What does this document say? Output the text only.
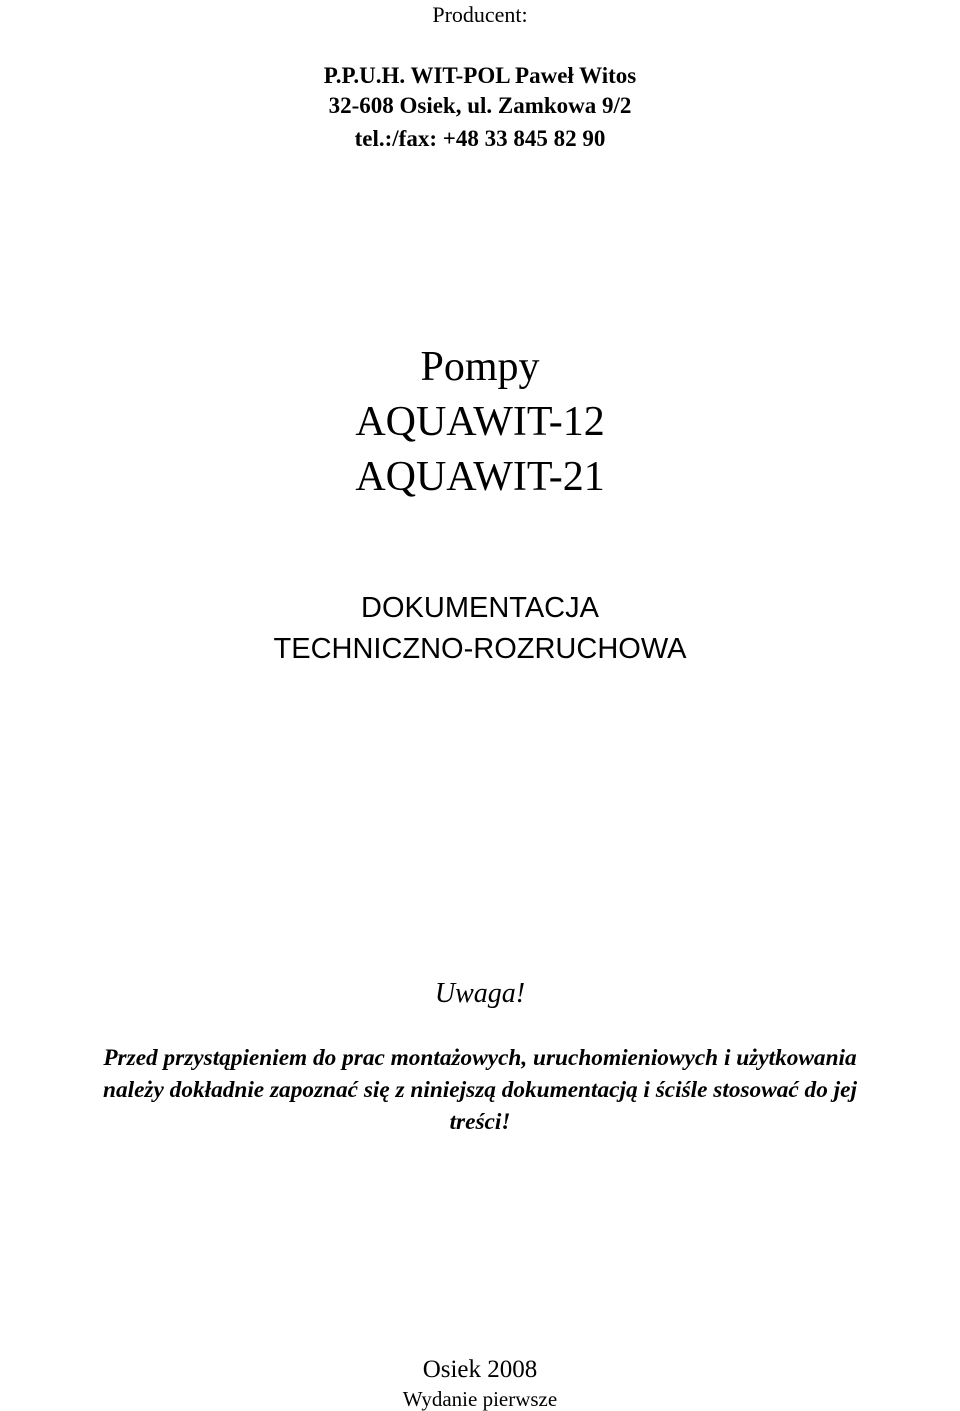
Producent:
P.P.U.H. WIT-POL Paweł Witos
32-608 Osiek, ul. Zamkowa 9/2
tel.:/fax: +48 33 845 82 90
Pompy
AQUAWIT-12
AQUAWIT-21
DOKUMENTACJA
TECHNICZNO-ROZRUCHOWA
Uwaga!
Przed przystąpieniem do prac montażowych, uruchomieniowych i użytkowania
należy dokładnie zapoznać się z niniejszą dokumentacją i ściśle stosować do jej
treści!
Osiek 2008
Wydanie pierwsze
